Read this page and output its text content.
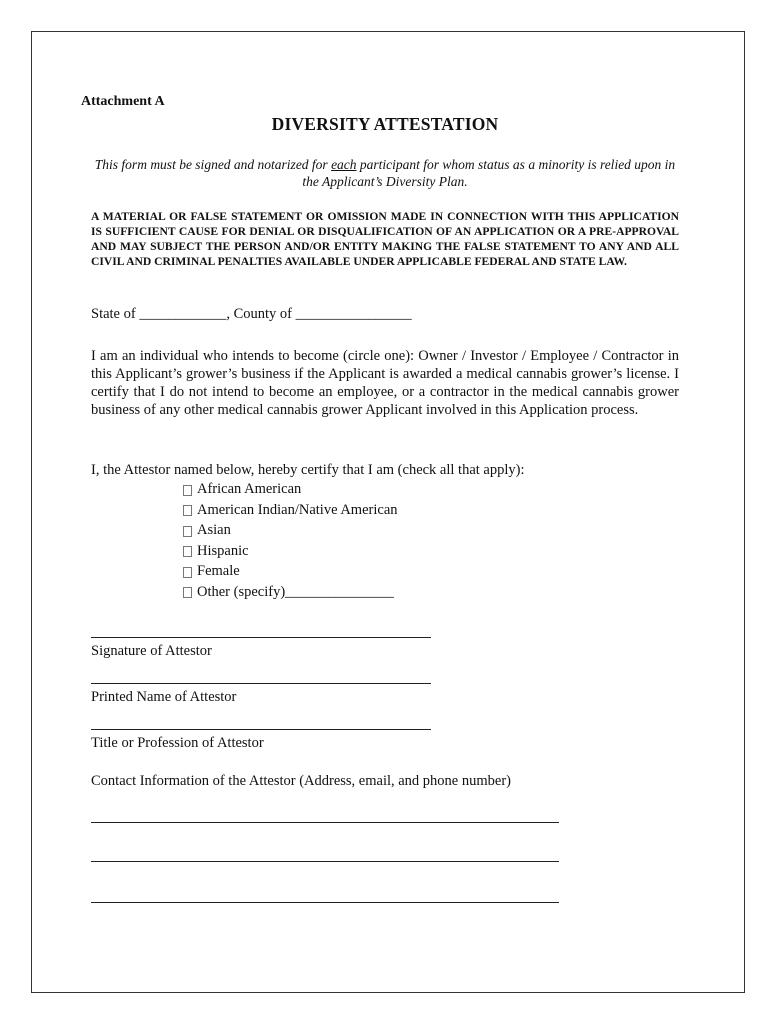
Attachment A
DIVERSITY ATTESTATION
This form must be signed and notarized for each participant for whom status as a minority is relied upon in the Applicant’s Diversity Plan.
A MATERIAL OR FALSE STATEMENT OR OMISSION MADE IN CONNECTION WITH THIS APPLICATION IS SUFFICIENT CAUSE FOR DENIAL OR DISQUALIFICATION OF AN APPLICATION OR A PRE-APPROVAL AND MAY SUBJECT THE PERSON AND/OR ENTITY MAKING THE FALSE STATEMENT TO ANY AND ALL CIVIL AND CRIMINAL PENALTIES AVAILABLE UNDER APPLICABLE FEDERAL AND STATE LAW.
State of ____________, County of ________________
I am an individual who intends to become (circle one): Owner / Investor / Employee / Contractor in this Applicant’s grower’s business if the Applicant is awarded a medical cannabis grower’s license. I certify that I do not intend to become an employee, or a contractor in the medical cannabis grower business of any other medical cannabis grower Applicant involved in this Application process.
I, the Attestor named below, hereby certify that I am (check all that apply):
African American
American Indian/Native American
Asian
Hispanic
Female
Other (specify)_______________
Signature of Attestor
Printed Name of Attestor
Title or Profession of Attestor
Contact Information of the Attestor (Address, email, and phone number)
